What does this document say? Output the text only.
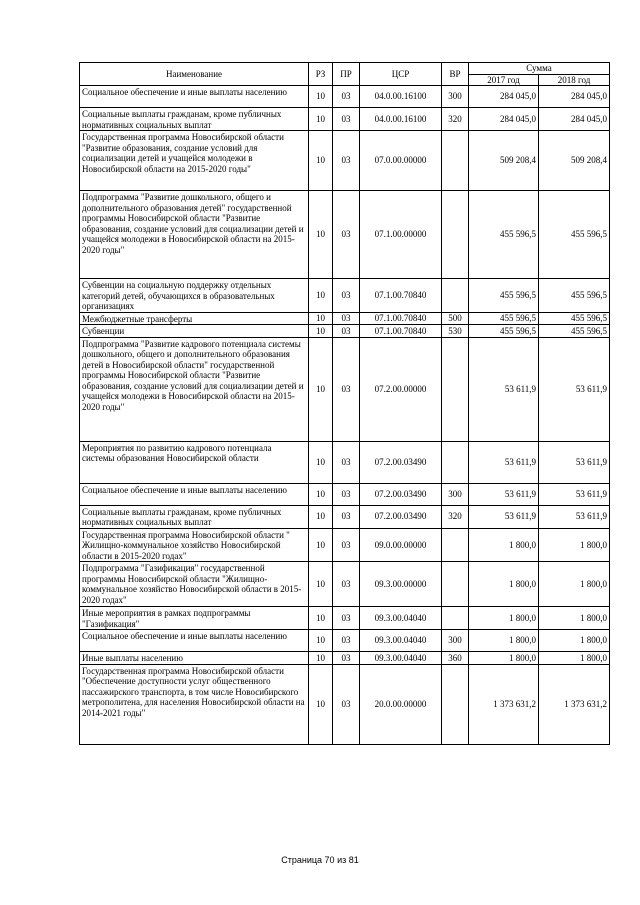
Наименование	РЗ	ПР	ЦСР	ВР	Сумма	
					2017 год	2018 год
Социальное обеспечение и иные выплаты населению	10	03	04.0.00.16100	300	284 045,0	284 045,0
Социальные выплаты гражданам, кроме публичных нормативных социальных выплат	10	03	04.0.00.16100	320	284 045,0	284 045,0
Государственная программа Новосибирской области "Развитие образования, создание условий для социализации детей и учащейся молодежи в Новосибирской области на 2015-2020 годы"	10	03	07.0.00.00000		509 208,4	509 208,4
Подпрограмма "Развитие дошкольного, общего и дополнительного образования детей" государственной программы Новосибирской области "Развитие образования, создание условий для социализации детей и учащейся молодежи в Новосибирской области на 2015-2020 годы"	10	03	07.1.00.00000		455 596,5	455 596,5
Субвенции на социальную поддержку отдельных категорий детей, обучающихся в образовательных организациях	10	03	07.1.00.70840		455 596,5	455 596,5
Межбюджетные трансферты	10	03	07.1.00.70840	500	455 596,5	455 596,5
Субвенции	10	03	07.1.00.70840	530	455 596,5	455 596,5
Подпрограмма "Развитие кадрового потенциала системы дошкольного, общего и дополнительного образования детей в Новосибирской области" государственной программы Новосибирской области "Развитие образования, создание условий для социализации детей и учащейся молодежи в Новосибирской области на 2015-2020 годы"	10	03	07.2.00.00000		53 611,9	53 611,9
Мероприятия по развитию кадрового потенциала системы образования Новосибирской области	10	03	07.2.00.03490		53 611,9	53 611,9
Социальное обеспечение и иные выплаты населению	10	03	07.2.00.03490	300	53 611,9	53 611,9
Социальные выплаты гражданам, кроме публичных нормативных социальных выплат	10	03	07.2.00.03490	320	53 611,9	53 611,9
Государственная программа Новосибирской области " Жилищно-коммунальное хозяйство Новосибирской области в 2015-2020 годах"	10	03	09.0.00.00000		1 800,0	1 800,0
Подпрограмма "Газификация" государственной программы Новосибирской области "Жилищно-коммунальное хозяйство Новосибирской области в 2015-2020 годах"	10	03	09.3.00.00000		1 800,0	1 800,0
Иные мероприятия в рамках подпрограммы "Газификация"	10	03	09.3.00.04040		1 800,0	1 800,0
Социальное обеспечение и иные выплаты населению	10	03	09.3.00.04040	300	1 800,0	1 800,0
Иные выплаты населению	10	03	09.3.00.04040	360	1 800,0	1 800,0
Государственная программа Новосибирской области "Обеспечение доступности услуг общественного пассажирского транспорта, в том числе Новосибирского метрополитена, для населения Новосибирской области на 2014-2021 годы"	10	03	20.0.00.00000		1 373 631,2	1 373 631,2
Страница 70 из 81
